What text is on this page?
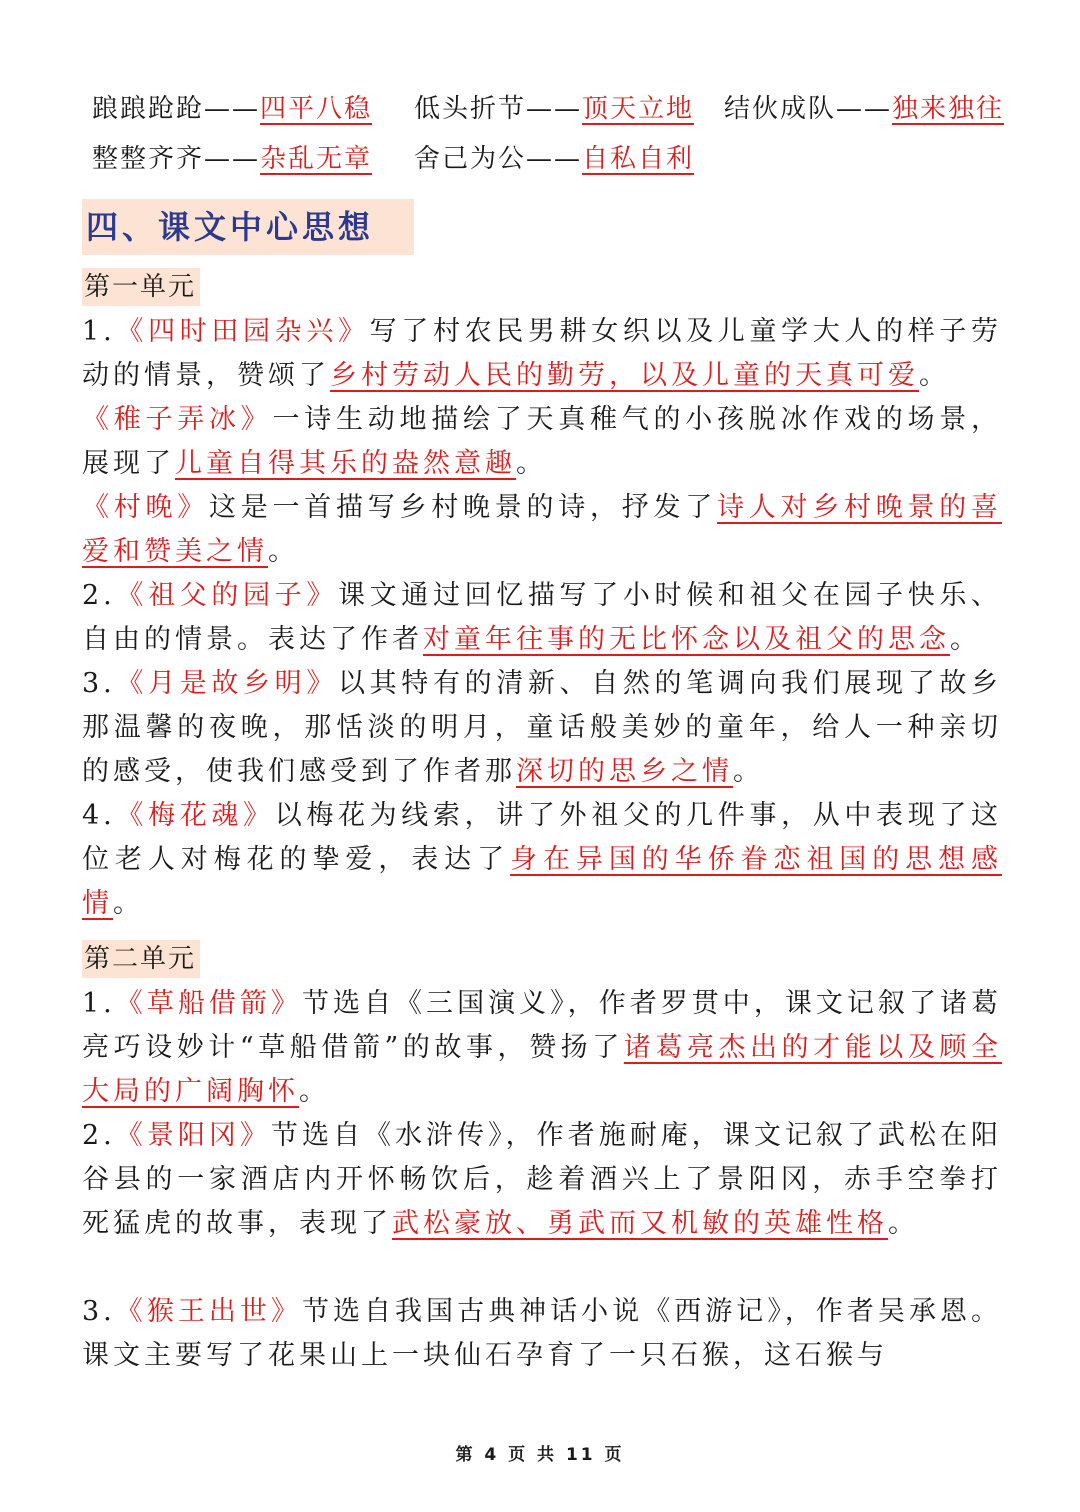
踉踉跄跄——四平八稳 低头折节——顶天立地 结伙成队——独来独往
整整齐齐——杂乱无章 舍己为公——自私自利
四、课文中心思想
第一单元
1.《四时田园杂兴》写了村农民男耕女织以及儿童学大人的样子劳动的情景，赞颂了乡村劳动人民的勤劳，以及儿童的天真可爱。
《稚子弄冰》一诗生动地描绘了天真稚气的小孩脱冰作戏的场景，展现了儿童自得其乐的盎然意趣。
《村晚》这是一首描写乡村晚景的诗，抒发了诗人对乡村晚景的喜爱和赞美之情。
2.《祖父的园子》课文通过回忆描写了小时候和祖父在园子快乐、自由的情景。表达了作者对童年往事的无比怀念以及祖父的思念。
3.《月是故乡明》以其特有的清新、自然的笔调向我们展现了故乡那温馨的夜晚，那恬淡的明月，童话般美妙的童年，给人一种亲切的感受，使我们感受到了作者那深切的思乡之情。
4.《梅花魂》以梅花为线索，讲了外祖父的几件事，从中表现了这位老人对梅花的挚爱，表达了身在异国的华侨眷恋祖国的思想感情。
第二单元
1.《草船借箭》节选自《三国演义》，作者罗贯中，课文记叙了诸葛亮巧设妙计“草船借箭”的故事，赞扬了诸葛亮杰出的才能以及顾全大局的广阔胸怀。
2.《景阳冈》节选自《水浒传》，作者施耐庵，课文记叙了武松在阳谷县的一家酒店内开怀畅饮后，趁着酒兴上了景阳冈，赤手空拳打死猛虎的故事，表现了武松豪放、勇武而又机敏的英雄性格。
3.《猴王出世》节选自我国古典神话小说《西游记》，作者吴承恩。课文主要写了花果山上一块仙石孕育了一只石猴，这石猴与
第 4 页 共 11 页
